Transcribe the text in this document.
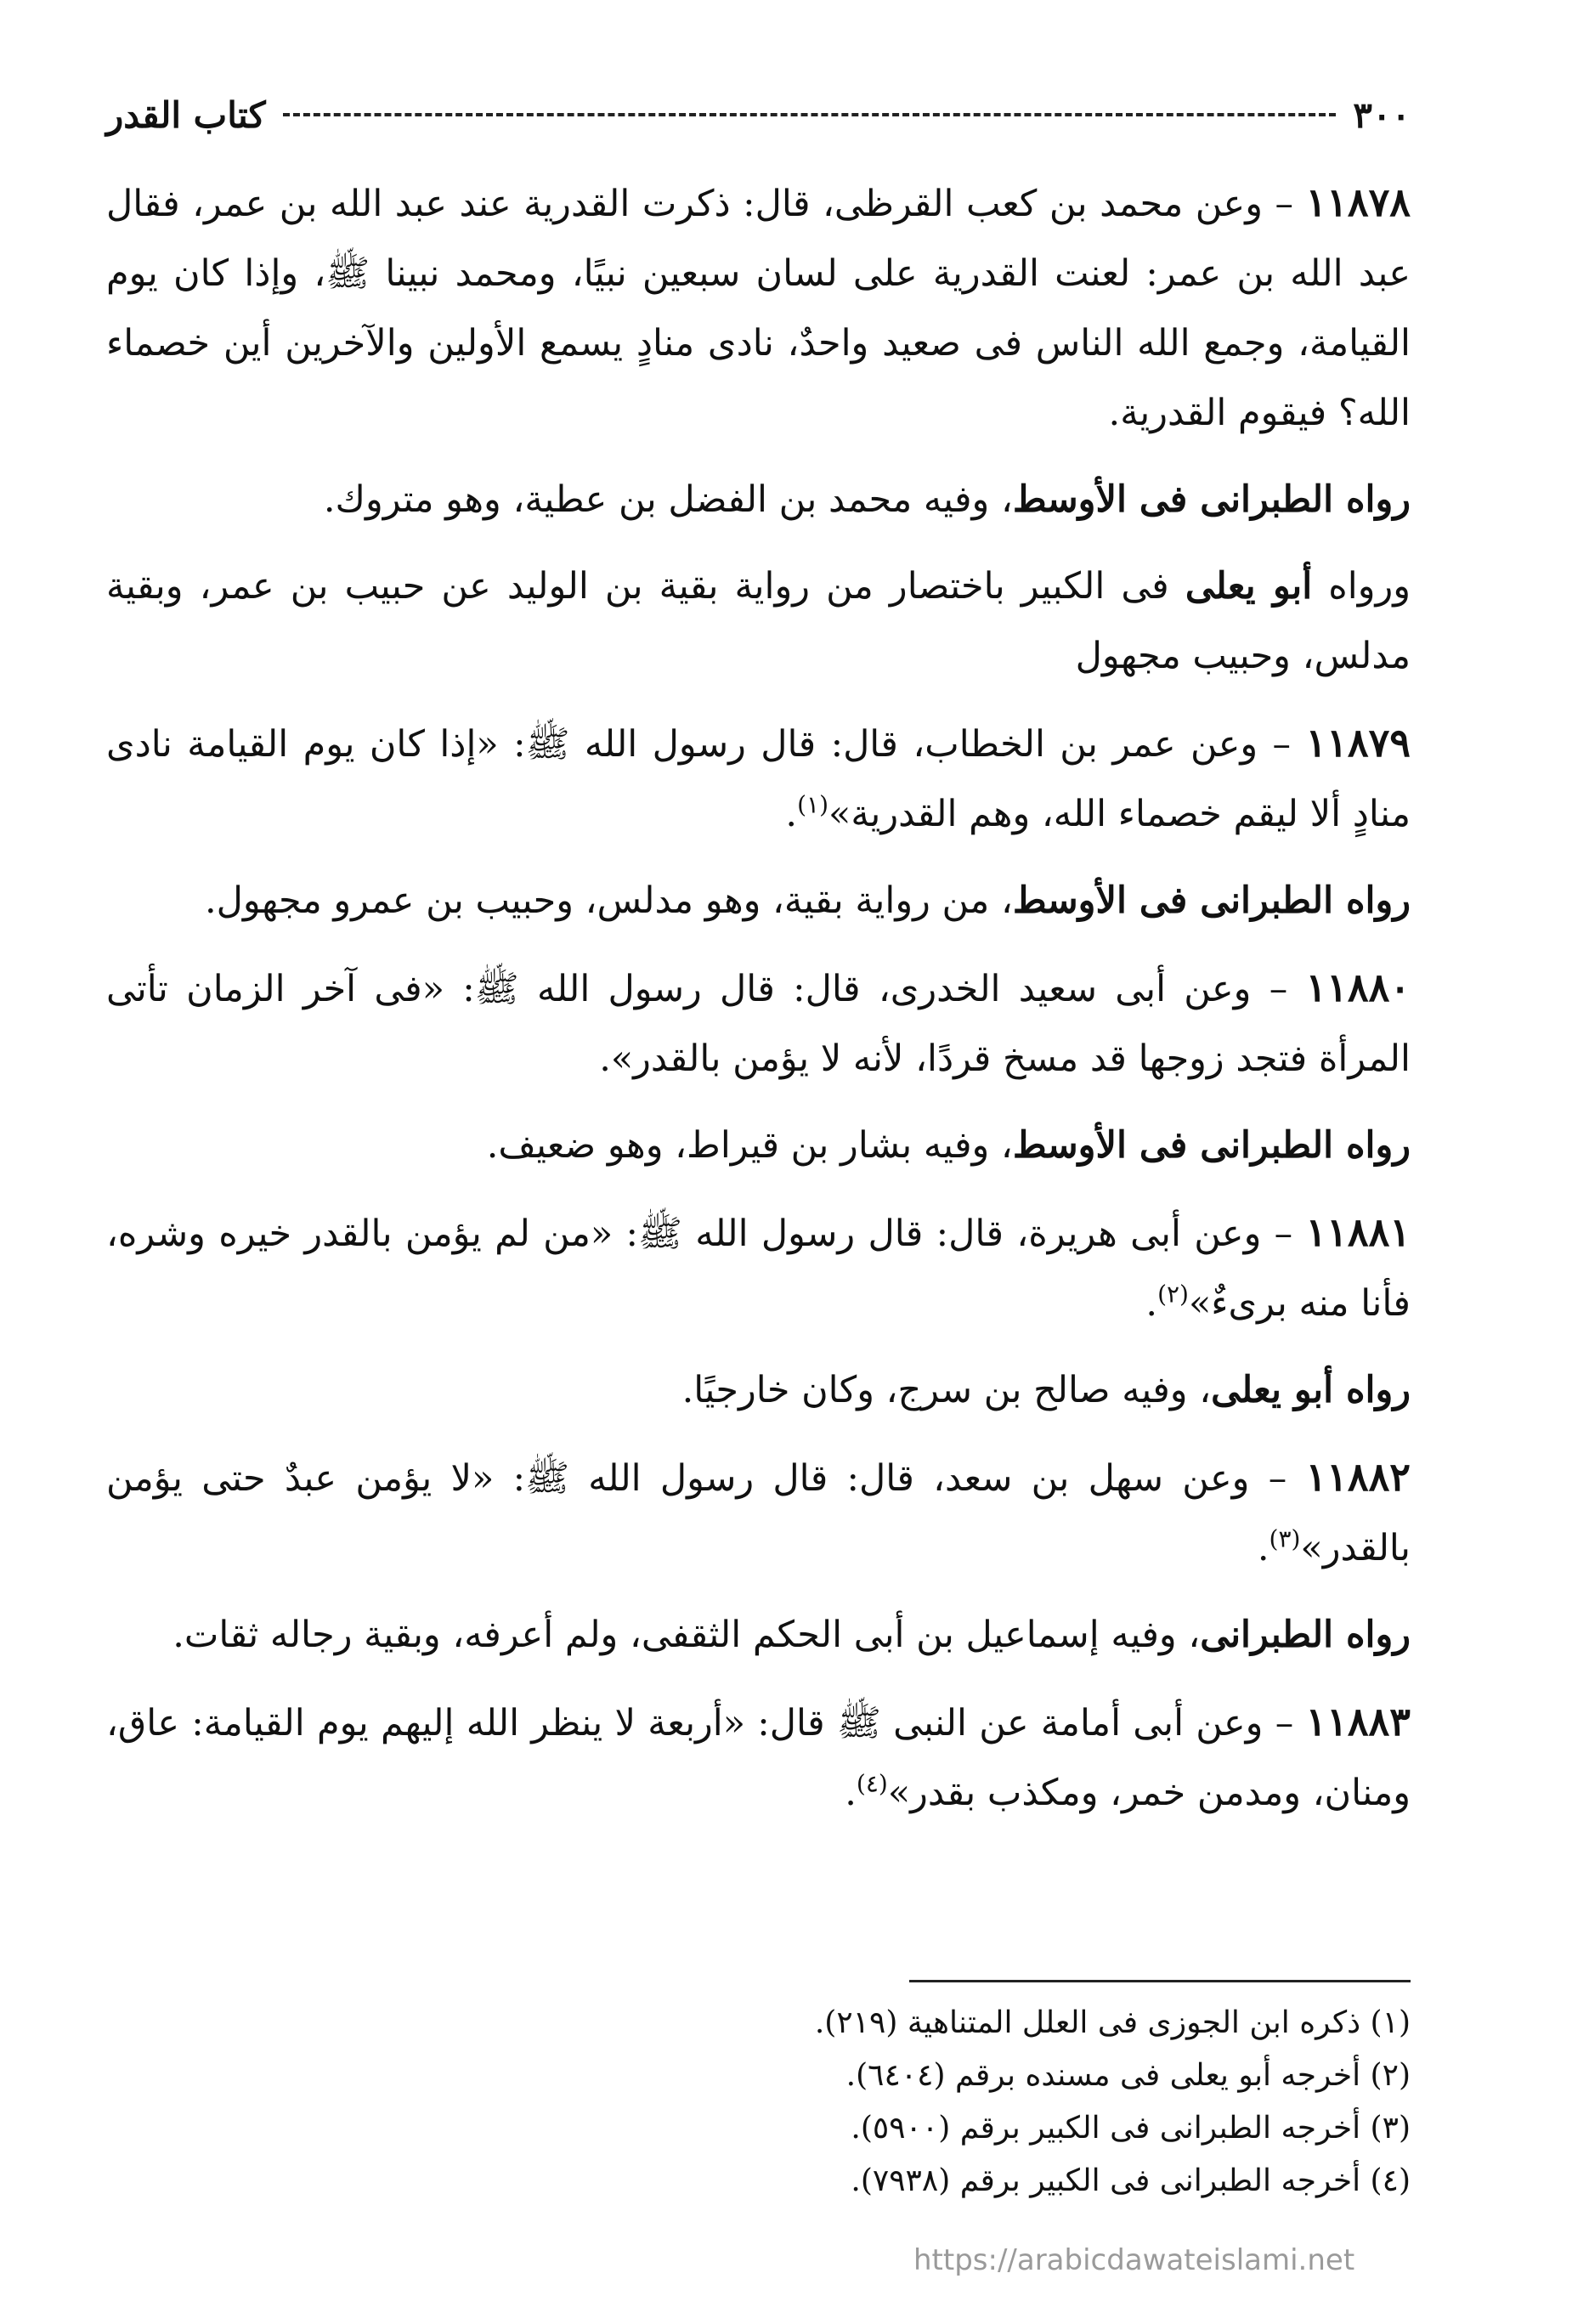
٣٠٠
كتاب القدر

١١٨٧٨ – وعن محمد بن كعب القرظى، قال: ذكرت القدرية عند عبد الله بن عمر، فقال عبد الله بن عمر: لعنت القدرية على لسان سبعين نبيًا، ومحمد نبينا ﷺ، وإذا كان يوم القيامة، وجمع الله الناس فى صعيد واحدٌ، نادى منادٍ يسمع الأولين والآخرين أين خصماء الله؟ فيقوم القدرية.

رواه الطبرانى فى الأوسط، وفيه محمد بن الفضل بن عطية، وهو متروك.

ورواه أبو يعلى فى الكبير باختصار من رواية بقية بن الوليد عن حبيب بن عمر، وبقية مدلس، وحبيب مجهول

١١٨٧٩ – وعن عمر بن الخطاب، قال: قال رسول الله ﷺ: «إذا كان يوم القيامة نادى منادٍ ألا ليقم خصماء الله، وهم القدرية»$^{(١)}$.

رواه الطبرانى فى الأوسط، من رواية بقية، وهو مدلس، وحبيب بن عمرو مجهول.

١١٨٨٠ – وعن أبى سعيد الخدرى، قال: قال رسول الله ﷺ: «فى آخر الزمان تأتى المرأة فتجد زوجها قد مسخ قردًا، لأنه لا يؤمن بالقدر».

رواه الطبرانى فى الأوسط، وفيه بشار بن قيراط، وهو ضعيف.

١١٨٨١ – وعن أبى هريرة، قال: قال رسول الله ﷺ: «من لم يؤمن بالقدر خيره وشره، فأنا منه برىءٌ»$^{(٢)}$.

رواه أبو يعلى، وفيه صالح بن سرج، وكان خارجيًا.

١١٨٨٢ – وعن سهل بن سعد، قال: قال رسول الله ﷺ: «لا يؤمن عبدٌ حتى يؤمن بالقدر»$^{(٣)}$.

رواه الطبرانى، وفيه إسماعيل بن أبى الحكم الثقفى، ولم أعرفه، وبقية رجاله ثقات.

١١٨٨٣ – وعن أبى أمامة عن النبى ﷺ قال: «أربعة لا ينظر الله إليهم يوم القيامة: عاق، ومنان، ومدمن خمر، ومكذب بقدر»$^{(٤)}$.

(١) ذكره ابن الجوزى فى العلل المتناهية (٢١٩).

(٢) أخرجه أبو يعلى فى مسنده برقم (٦٤٠٤).

(٣) أخرجه الطبرانى فى الكبير برقم (٥٩٠٠).

(٤) أخرجه الطبرانى فى الكبير برقم (٧٩٣٨).

https://arabicdawateislami.net
